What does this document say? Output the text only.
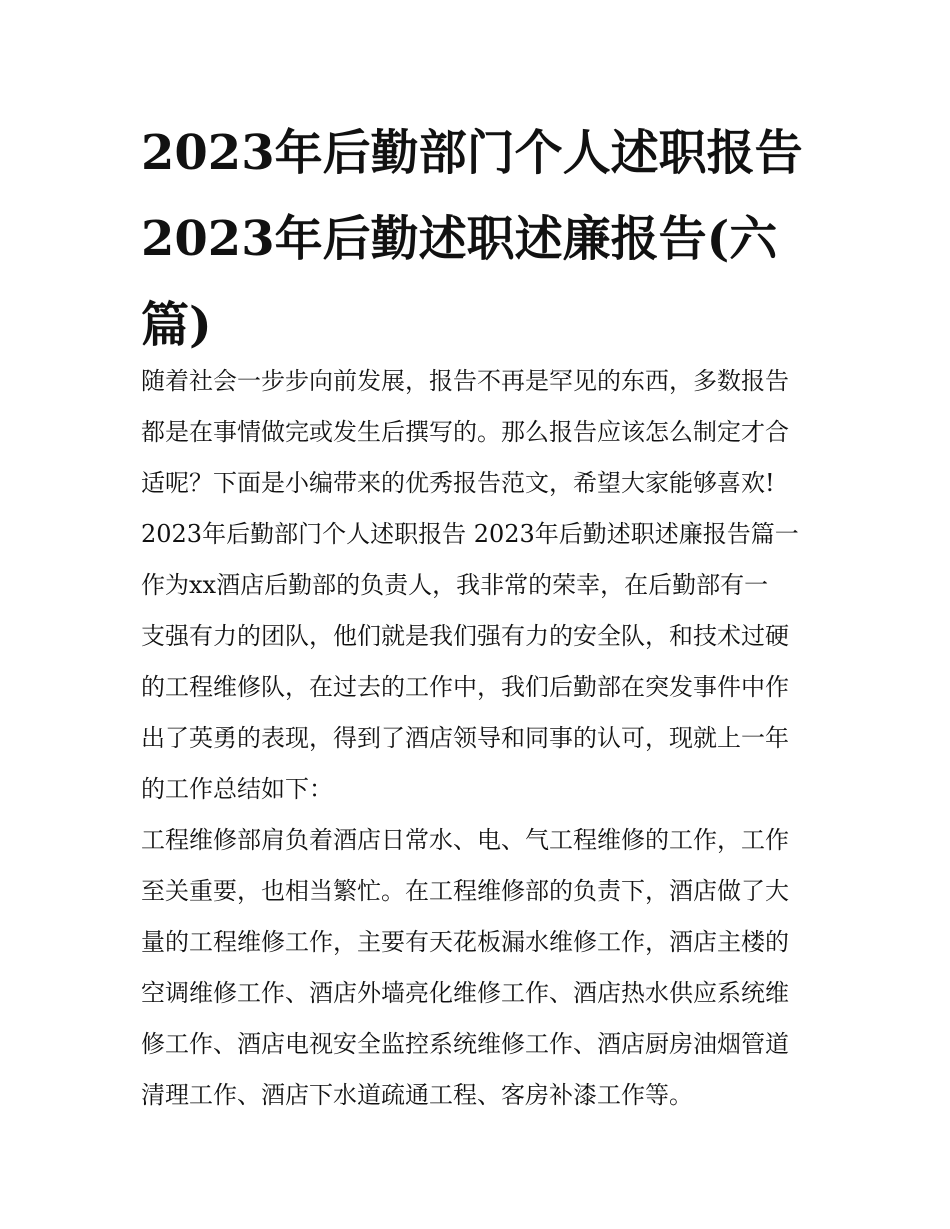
2023年后勤部门个人述职报告
2023年后勤述职述廉报告(六
篇)
随着社会一步步向前发展，报告不再是罕见的东西，多数报告
都是在事情做完或发生后撰写的。那么报告应该怎么制定才合
适呢？下面是小编带来的优秀报告范文，希望大家能够喜欢!
2023年后勤部门个人述职报告 2023年后勤述职述廉报告篇一
作为xx酒店后勤部的负责人，我非常的荣幸，在后勤部有一
支强有力的团队，他们就是我们强有力的安全队，和技术过硬
的工程维修队，在过去的工作中，我们后勤部在突发事件中作
出了英勇的表现，得到了酒店领导和同事的认可，现就上一年
的工作总结如下：
工程维修部肩负着酒店日常水、电、气工程维修的工作，工作
至关重要，也相当繁忙。在工程维修部的负责下，酒店做了大
量的工程维修工作，主要有天花板漏水维修工作，酒店主楼的
空调维修工作、酒店外墙亮化维修工作、酒店热水供应系统维
修工作、酒店电视安全监控系统维修工作、酒店厨房油烟管道
清理工作、酒店下水道疏通工程、客房补漆工作等。
